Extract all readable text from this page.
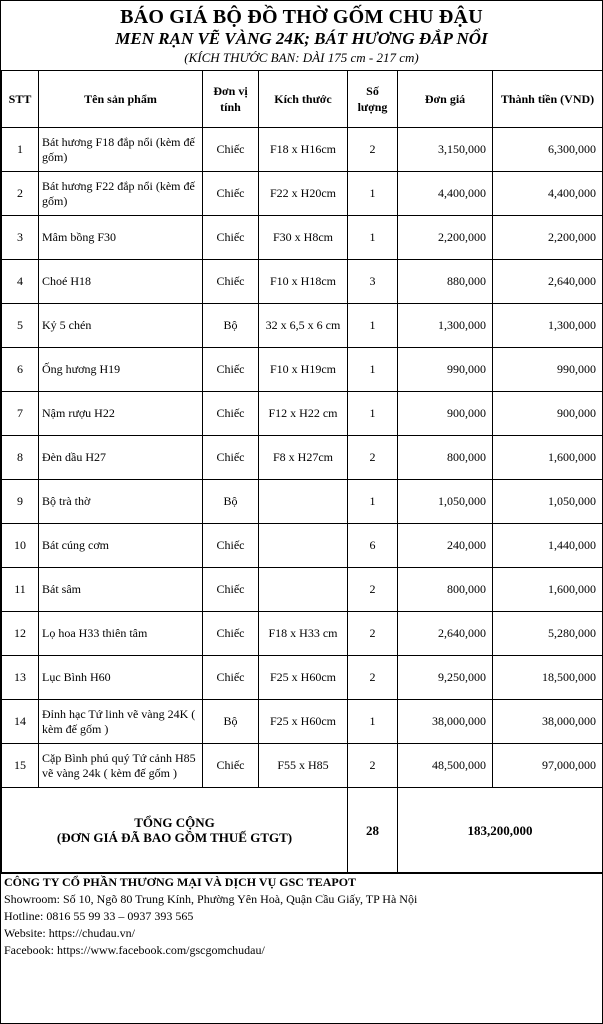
BÁO GIÁ BỘ ĐỒ THỜ GỐM CHU ĐẬU
MEN RẠN VẼ VÀNG 24K; BÁT HƯƠNG ĐẮP NỔI
(KÍCH THƯỚC BAN: DÀI 175 cm - 217 cm)
STT	Tên sản phẩm	Đơn vị tính	Kích thước	Số lượng	Đơn giá	Thành tiền (VND)
1	Bát hương F18 đắp nổi (kèm đế gốm)	Chiếc	F18 x H16cm	2	3,150,000	6,300,000
2	Bát hương F22 đắp nổi (kèm đế gốm)	Chiếc	F22 x H20cm	1	4,400,000	4,400,000
3	Mâm bồng F30	Chiếc	F30 x H8cm	1	2,200,000	2,200,000
4	Choé H18	Chiếc	F10 x H18cm	3	880,000	2,640,000
5	Kỷ 5 chén	Bộ	32 x 6,5 x 6 cm	1	1,300,000	1,300,000
6	Ống hương H19	Chiếc	F10 x H19cm	1	990,000	990,000
7	Nậm rượu H22	Chiếc	F12 x H22 cm	1	900,000	900,000
8	Đèn dầu H27	Chiếc	F8 x H27cm	2	800,000	1,600,000
9	Bộ trà thờ	Bộ		1	1,050,000	1,050,000
10	Bát cúng cơm	Chiếc		6	240,000	1,440,000
11	Bát sâm	Chiếc		2	800,000	1,600,000
12	Lọ hoa H33 thiên tâm	Chiếc	F18 x H33 cm	2	2,640,000	5,280,000
13	Lục Bình H60	Chiếc	F25 x H60cm	2	9,250,000	18,500,000
14	Đỉnh hạc Tứ linh vẽ vàng 24K ( kèm đế gốm )	Bộ	F25 x H60cm	1	38,000,000	38,000,000
15	Cặp Bình phú quý Tứ cảnh H85 vẽ vàng 24k ( kèm đế gốm )	Chiếc	F55 x H85	2	48,500,000	97,000,000

TỔNG CỘNG
(ĐƠN GIÁ ĐÃ BAO GỒM THUẾ GTGT)				28	183,200,000	
CÔNG TY CỔ PHẦN THƯƠNG MẠI VÀ DỊCH VỤ GSC TEAPOT
Showroom: Số 10, Ngõ 80 Trung Kính, Phường Yên Hoà, Quận Cầu Giấy, TP Hà Nội
Hotline: 0816 55 99 33 – 0937 393 565
Website: https://chudau.vn/
Facebook: https://www.facebook.com/gscgomchudau/
